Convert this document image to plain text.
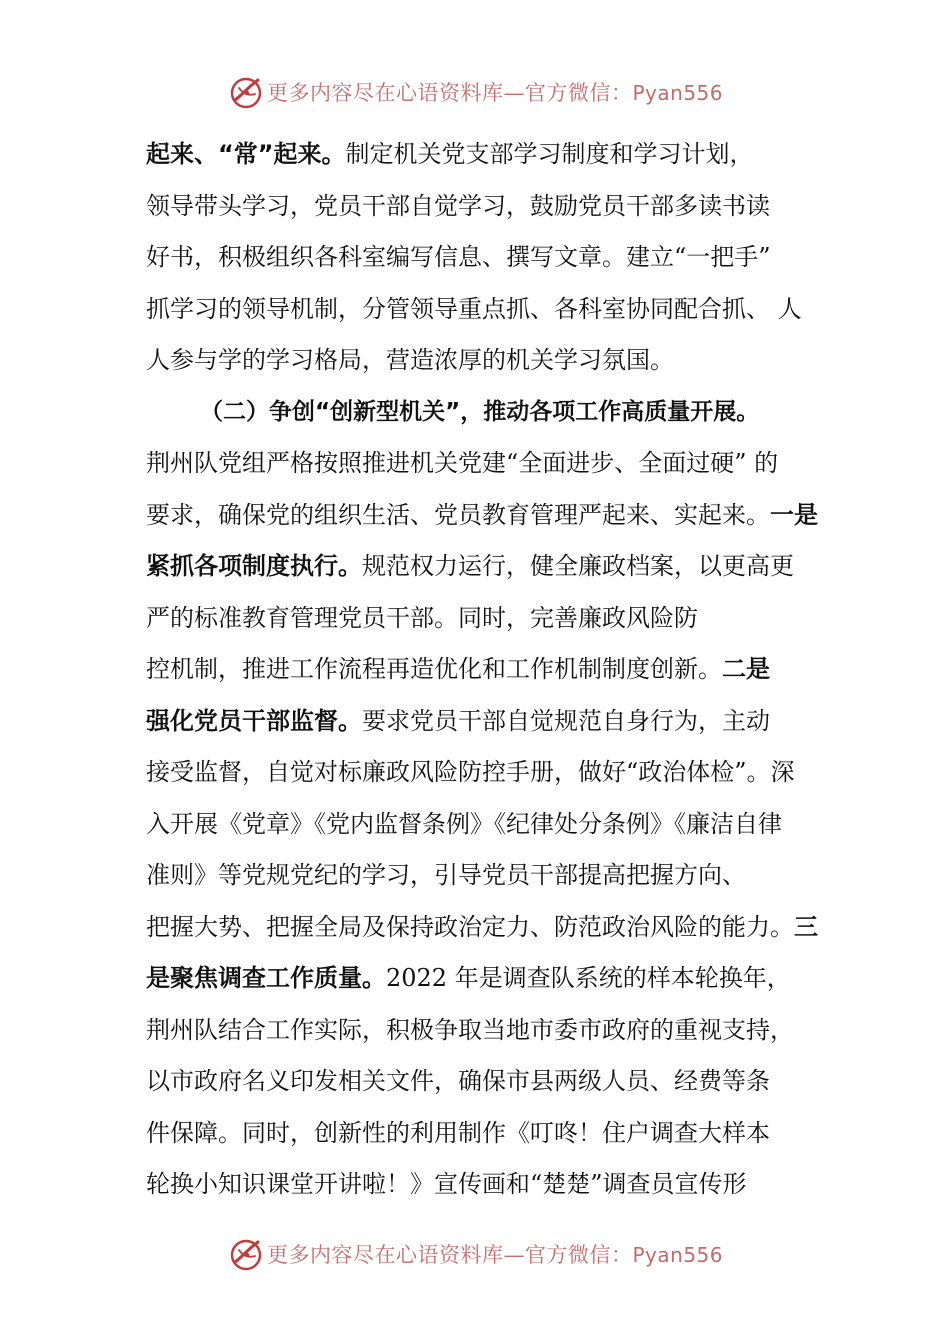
更多内容尽在心语资料库—官方微信：Pyan556
起来、“常”起来。制定机关党支部学习制度和学习计划，
领导带头学习，党员干部自觉学习，鼓励党员干部多读书读
好书，积极组织各科室编写信息、撰写文章。建立“一把手”
抓学习的领导机制，分管领导重点抓、各科室协同配合抓、 人
人参与学的学习格局，营造浓厚的机关学习氛国。
（二）争创“创新型机关”，推动各项工作高质量开展。
荆州队党组严格按照推进机关党建“全面进步、全面过硬” 的
要求，确保党的组织生活、党员教育管理严起来、实起来。一是
紧抓各项制度执行。规范权力运行，健全廉政档案，以更高更
严的标准教育管理党员干部。同时，完善廉政风险防
控机制，推进工作流程再造优化和工作机制制度创新。二是
强化党员干部监督。要求党员干部自觉规范自身行为，主动
接受监督，自觉对标廉政风险防控手册，做好“政治体检”。深
入开展《党章》《党内监督条例》《纪律处分条例》《廉洁自律
准则》等党规党纪的学习，引导党员干部提高把握方向、
把握大势、把握全局及保持政治定力、防范政治风险的能力。三
是聚焦调查工作质量。2022 年是调查队系统的样本轮换年，
荆州队结合工作实际，积极争取当地市委市政府的重视支持，
以市政府名义印发相关文件，确保市县两级人员、经费等条
件保障。同时，创新性的利用制作《叮咚！住户调查大样本
轮换小知识课堂开讲啦！》宣传画和“楚楚”调查员宣传形
更多内容尽在心语资料库—官方微信：Pyan556
